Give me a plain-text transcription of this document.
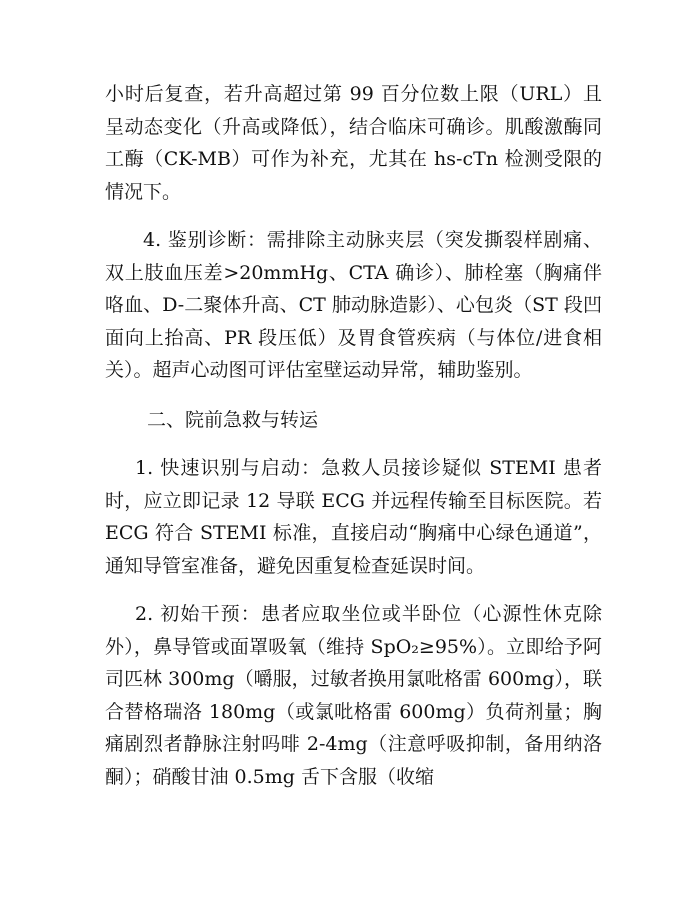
小时后复查，若升高超过第 99 百分位数上限（URL）且呈动态变化（升高或降低），结合临床可确诊。肌酸激酶同工酶（CK-MB）可作为补充，尤其在 hs-cTn 检测受限的情况下。

4. 鉴别诊断：需排除主动脉夹层（突发撕裂样剧痛、双上肢血压差>20mmHg、CTA 确诊）、肺栓塞（胸痛伴咯血、D-二聚体升高、CT 肺动脉造影）、心包炎（ST 段凹面向上抬高、PR 段压低）及胃食管疾病（与体位/进食相关）。超声心动图可评估室壁运动异常，辅助鉴别。

二、院前急救与转运

1. 快速识别与启动：急救人员接诊疑似 STEMI 患者时，应立即记录 12 导联 ECG 并远程传输至目标医院。若 ECG 符合 STEMI 标准，直接启动“胸痛中心绿色通道”，通知导管室准备，避免因重复检查延误时间。

2. 初始干预：患者应取坐位或半卧位（心源性休克除外），鼻导管或面罩吸氧（维持 SpO₂≥95%）。立即给予阿司匹林 300mg（嚼服，过敏者换用氯吡格雷 600mg），联合替格瑞洛 180mg（或氯吡格雷 600mg）负荷剂量；胸痛剧烈者静脉注射吗啡 2-4mg（注意呼吸抑制，备用纳洛酮）；硝酸甘油 0.5mg 舌下含服（收缩
